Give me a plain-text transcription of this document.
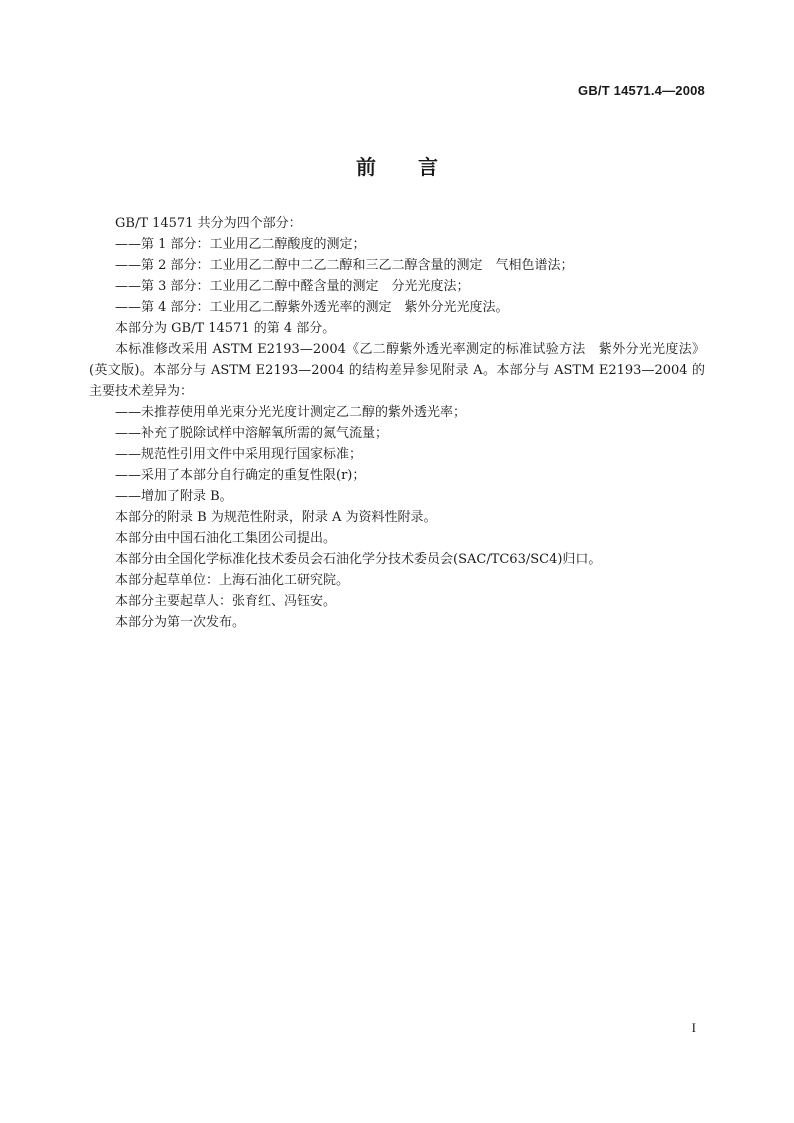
GB/T 14571.4—2008
前言

GB/T 14571 共分为四个部分：

——第 1 部分：工业用乙二醇酸度的测定；

——第 2 部分：工业用乙二醇中二乙二醇和三乙二醇含量的测定　气相色谱法；

——第 3 部分：工业用乙二醇中醛含量的测定　分光光度法；

——第 4 部分：工业用乙二醇紫外透光率的测定　紫外分光光度法。

本部分为 GB/T 14571 的第 4 部分。

本标准修改采用 ASTM E2193—2004《乙二醇紫外透光率测定的标准试验方法　紫外分光光度法》(英文版)。本部分与 ASTM E2193—2004 的结构差异参见附录 A。本部分与 ASTM E2193—2004 的主要技术差异为：

——未推荐使用单光束分光光度计测定乙二醇的紫外透光率；

——补充了脱除试样中溶解氧所需的氮气流量；

——规范性引用文件中采用现行国家标准；

——采用了本部分自行确定的重复性限(r)；

——增加了附录 B。

本部分的附录 B 为规范性附录，附录 A 为资料性附录。

本部分由中国石油化工集团公司提出。

本部分由全国化学标准化技术委员会石油化学分技术委员会(SAC/TC63/SC4)归口。

本部分起草单位：上海石油化工研究院。

本部分主要起草人：张育红、冯钰安。

本部分为第一次发布。

I
